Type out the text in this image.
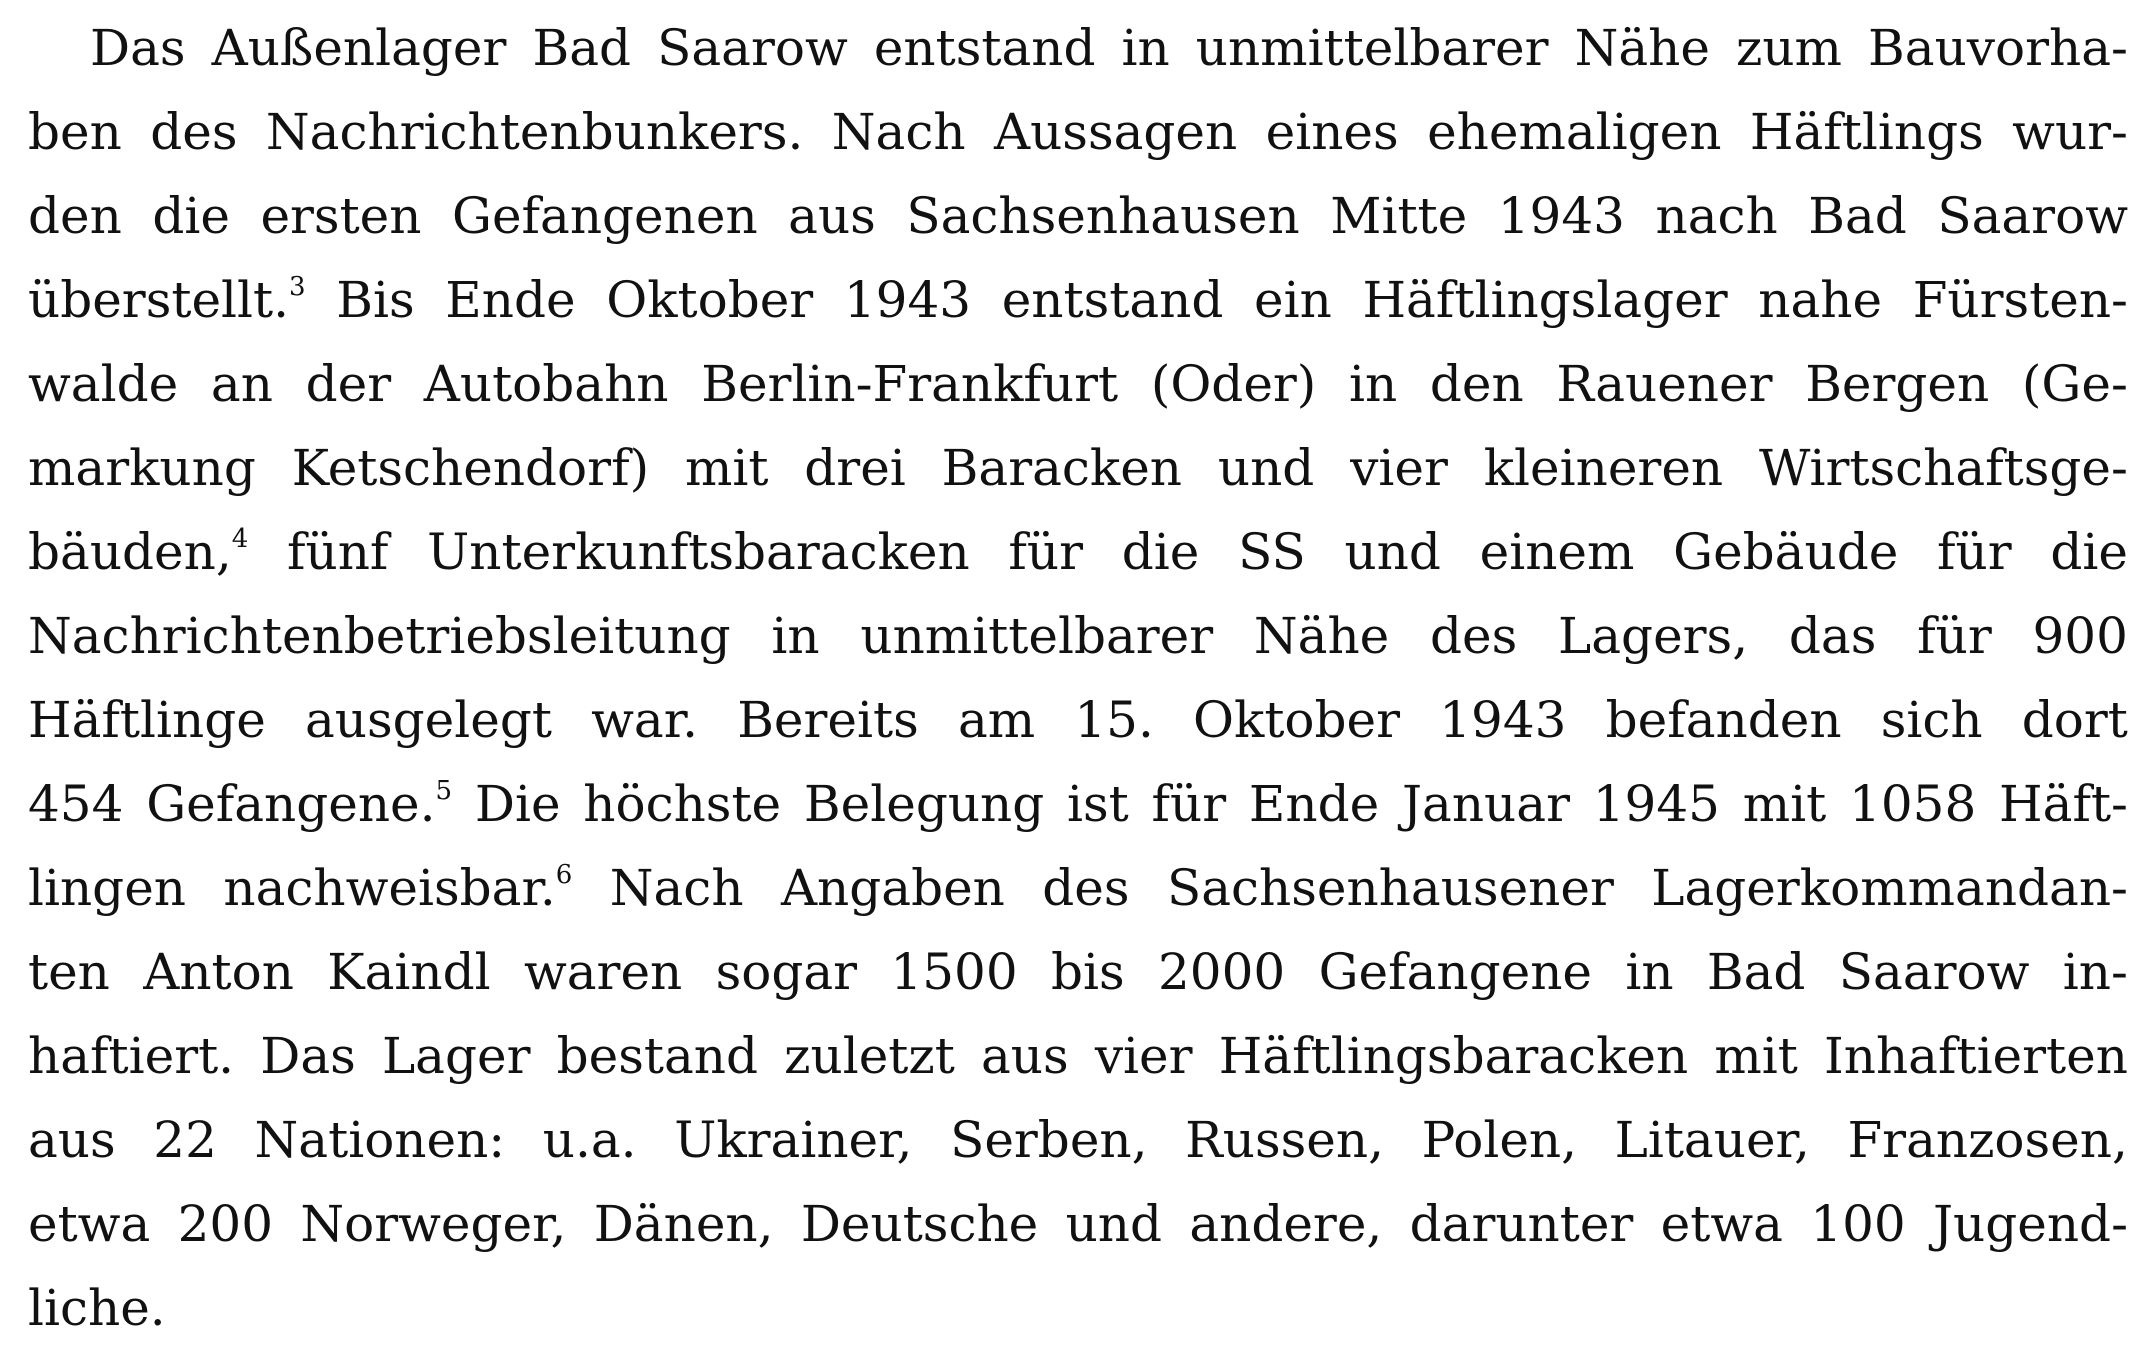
Das Außenlager Bad Saarow entstand in unmittelbarer Nähe zum Bauvorha-
ben des Nachrichtenbunkers. Nach Aussagen eines ehemaligen Häftlings wur-
den die ersten Gefangenen aus Sachsenhausen Mitte 1943 nach Bad Saarow
überstellt.$^3$ Bis Ende Oktober 1943 entstand ein Häftlingslager nahe Fürsten-
walde an der Autobahn Berlin-Frankfurt (Oder) in den Rauener Bergen (Ge-
markung Ketschendorf) mit drei Baracken und vier kleineren Wirtschaftsge-
bäuden,$^4$ fünf Unterkunftsbaracken für die SS und einem Gebäude für die
Nachrichtenbetriebsleitung in unmittelbarer Nähe des Lagers, das für 900
Häftlinge ausgelegt war. Bereits am 15. Oktober 1943 befanden sich dort
454 Gefangene.$^5$ Die höchste Belegung ist für Ende Januar 1945 mit 1058 Häft-
lingen nachweisbar.$^6$ Nach Angaben des Sachsenhausener Lagerkommandan-
ten Anton Kaindl waren sogar 1500 bis 2000 Gefangene in Bad Saarow in-
haftiert. Das Lager bestand zuletzt aus vier Häftlingsbaracken mit Inhaftierten
aus 22 Nationen: u.a. Ukrainer, Serben, Russen, Polen, Litauer, Franzosen,
etwa 200 Norweger, Dänen, Deutsche und andere, darunter etwa 100 Jugend-
liche.
